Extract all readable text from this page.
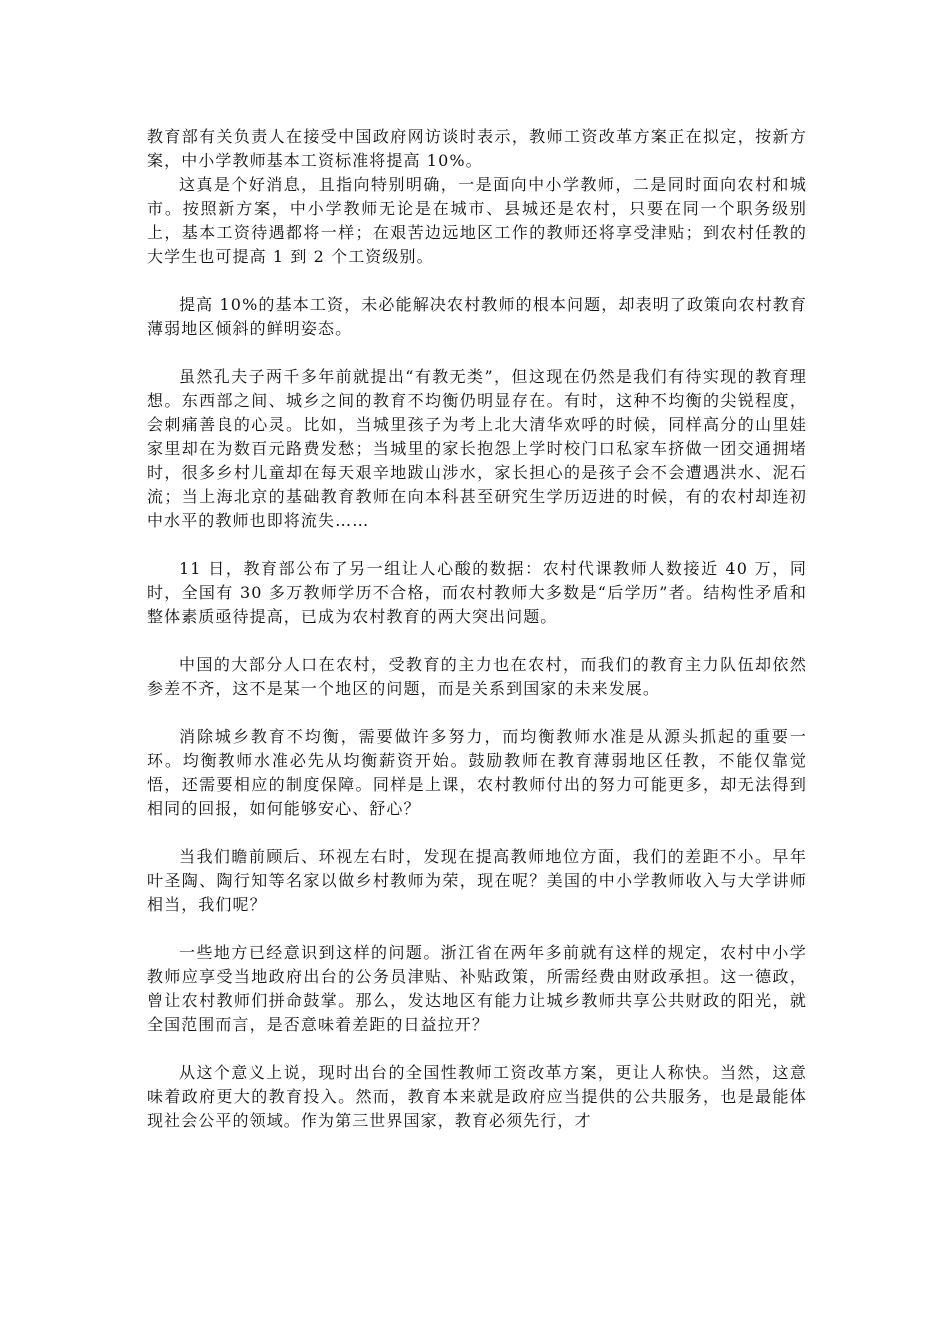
教育部有关负责人在接受中国政府网访谈时表示，教师工资改革方案正在拟定，按新方案，中小学教师基本工资标准将提高 10%。

这真是个好消息，且指向特别明确，一是面向中小学教师，二是同时面向农村和城市。按照新方案，中小学教师无论是在城市、县城还是农村，只要在同一个职务级别上，基本工资待遇都将一样；在艰苦边远地区工作的教师还将享受津贴；到农村任教的大学生也可提高 1 到 2 个工资级别。

提高 10%的基本工资，未必能解决农村教师的根本问题，却表明了政策向农村教育薄弱地区倾斜的鲜明姿态。

虽然孔夫子两千多年前就提出“有教无类”，但这现在仍然是我们有待实现的教育理想。东西部之间、城乡之间的教育不均衡仍明显存在。有时，这种不均衡的尖锐程度，会刺痛善良的心灵。比如，当城里孩子为考上北大清华欢呼的时候，同样高分的山里娃家里却在为数百元路费发愁；当城里的家长抱怨上学时校门口私家车挤做一团交通拥堵时，很多乡村儿童却在每天艰辛地跋山涉水，家长担心的是孩子会不会遭遇洪水、泥石流；当上海北京的基础教育教师在向本科甚至研究生学历迈进的时候，有的农村却连初中水平的教师也即将流失……

11 日，教育部公布了另一组让人心酸的数据：农村代课教师人数接近 40 万，同时，全国有 30 多万教师学历不合格，而农村教师大多数是“后学历”者。结构性矛盾和整体素质亟待提高，已成为农村教育的两大突出问题。

中国的大部分人口在农村，受教育的主力也在农村，而我们的教育主力队伍却依然参差不齐，这不是某一个地区的问题，而是关系到国家的未来发展。

消除城乡教育不均衡，需要做许多努力，而均衡教师水准是从源头抓起的重要一环。均衡教师水准必先从均衡薪资开始。鼓励教师在教育薄弱地区任教，不能仅靠觉悟，还需要相应的制度保障。同样是上课，农村教师付出的努力可能更多，却无法得到相同的回报，如何能够安心、舒心？

当我们瞻前顾后、环视左右时，发现在提高教师地位方面，我们的差距不小。早年叶圣陶、陶行知等名家以做乡村教师为荣，现在呢？美国的中小学教师收入与大学讲师相当，我们呢？

一些地方已经意识到这样的问题。浙江省在两年多前就有这样的规定，农村中小学教师应享受当地政府出台的公务员津贴、补贴政策，所需经费由财政承担。这一德政，曾让农村教师们拼命鼓掌。那么，发达地区有能力让城乡教师共享公共财政的阳光，就全国范围而言，是否意味着差距的日益拉开？

从这个意义上说，现时出台的全国性教师工资改革方案，更让人称快。当然，这意味着政府更大的教育投入。然而，教育本来就是政府应当提供的公共服务，也是最能体现社会公平的领域。作为第三世界国家，教育必须先行，才
